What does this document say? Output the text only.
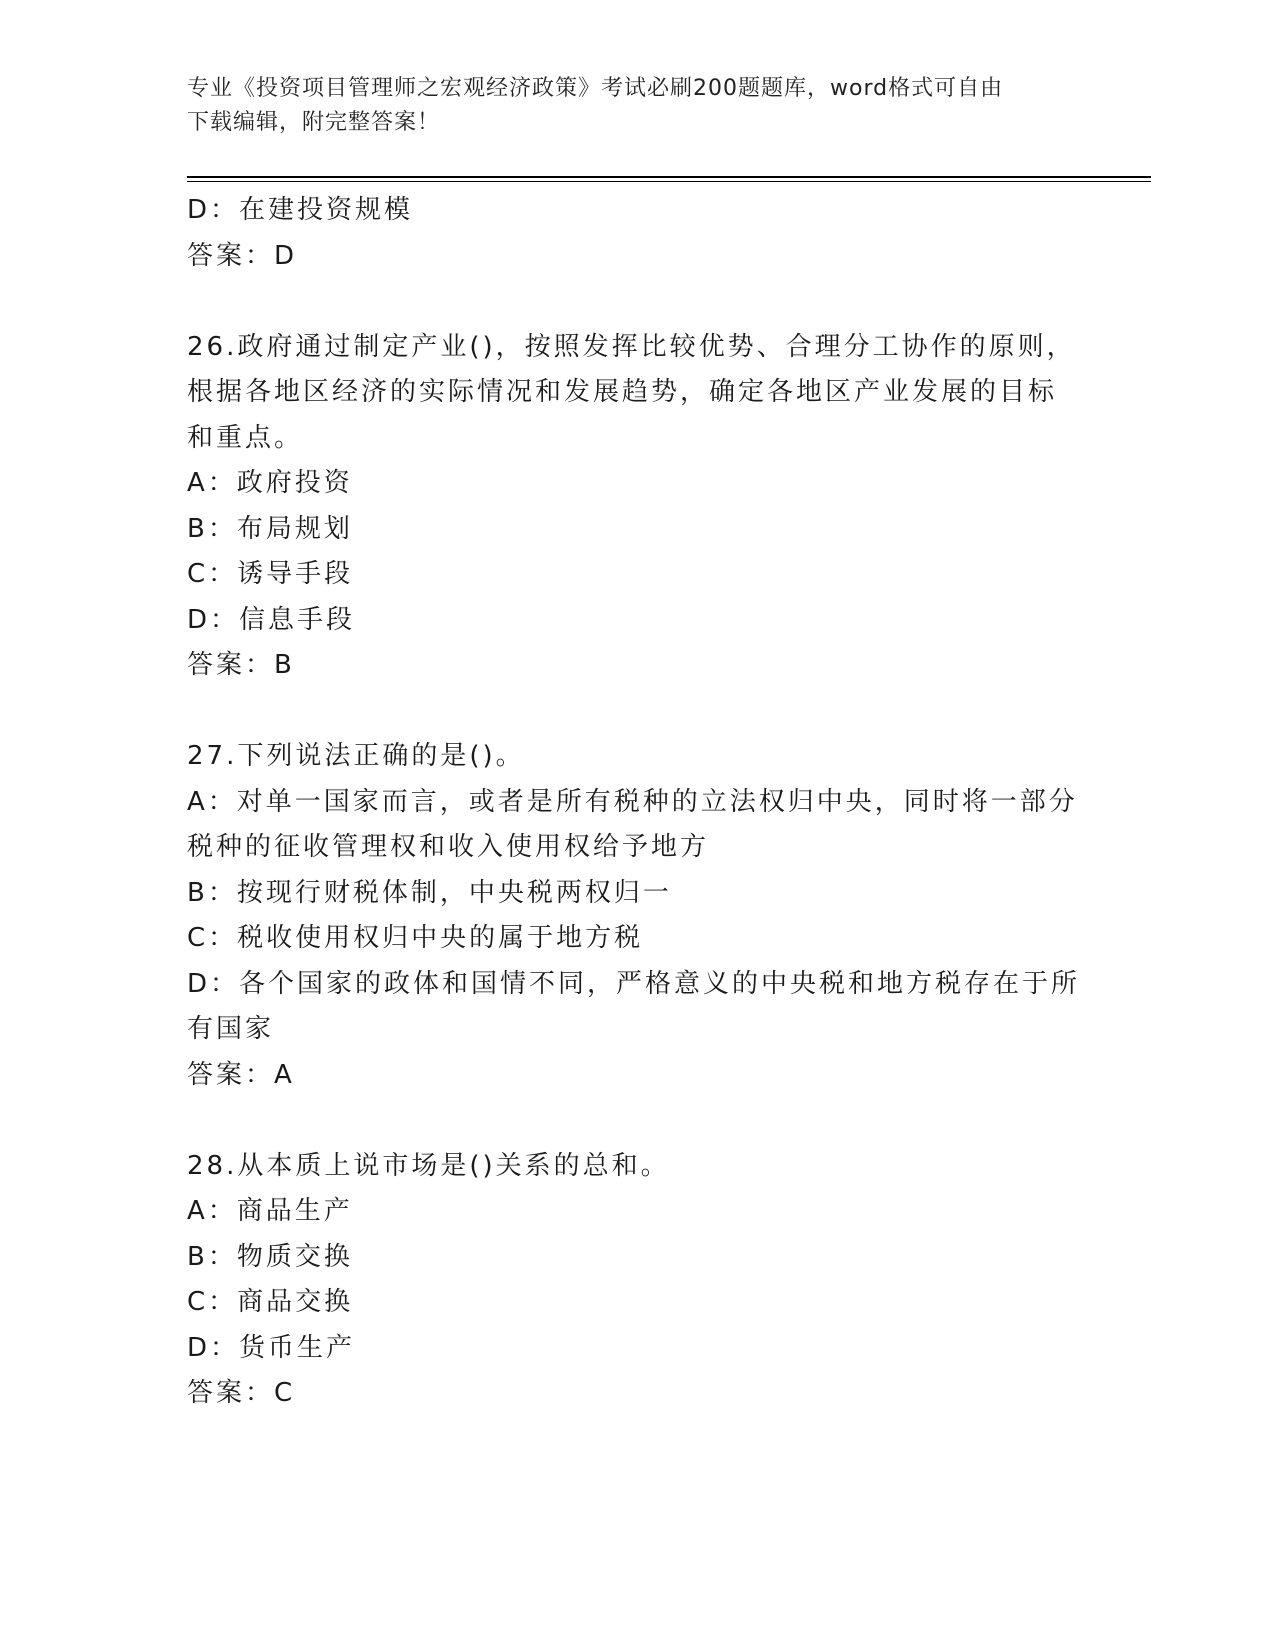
专业《投资项目管理师之宏观经济政策》考试必刷200题题库，word格式可自由
下载编辑，附完整答案！
D：在建投资规模
答案：D
26.政府通过制定产业()，按照发挥比较优势、合理分工协作的原则，
根据各地区经济的实际情况和发展趋势，确定各地区产业发展的目标
和重点。
A：政府投资
B：布局规划
C：诱导手段
D：信息手段
答案：B
27.下列说法正确的是()。
A：对单一国家而言，或者是所有税种的立法权归中央，同时将一部分
税种的征收管理权和收入使用权给予地方
B：按现行财税体制，中央税两权归一
C：税收使用权归中央的属于地方税
D：各个国家的政体和国情不同，严格意义的中央税和地方税存在于所
有国家
答案：A
28.从本质上说市场是()关系的总和。
A：商品生产
B：物质交换
C：商品交换
D：货币生产
答案：C
